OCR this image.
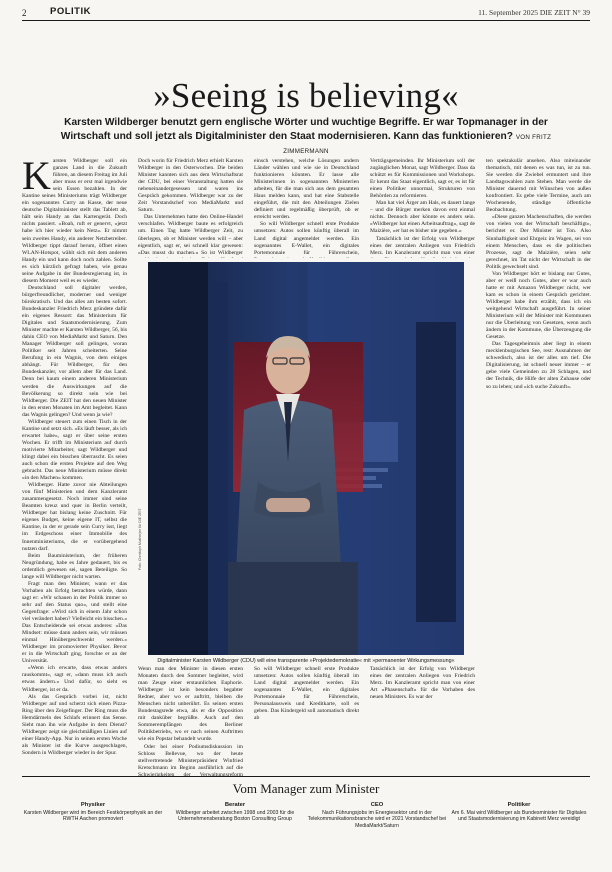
2 POLITIK	11. September 2025 DIE ZEIT N° 39
»Seeing is believing«
Karsten Wildberger benutzt gern englische Wörter und wuchtige Begriffe. Er war Topmanager in der Wirtschaft und soll jetzt als Digitalminister den Staat modernisieren. Kann das funktionieren? VON FRITZ ZIMMERMANN

Karsten Wildberger soll ein ganzes Land in die Zukunft führen, an diesem Freitag im Juli aber muss er erst mal irgendwie sein Essen bezahlen. In der Kantine seines Ministeriums trägt Wildberger ein sogenanntes Curry an Kasse, der neue deutsche Digitalminister stellt das Tablett ab, hält sein Handy an das Kartengerät. Doch nichts passiert. »Boah, ruft er genervt, »jetzt habe ich hier wieder kein Netz«. Er nimmt sein zweites Handy, ein anderer Netzbetreiber. Wildberger tippt darauf herum, öffnet einen WLAN-Hotspot, wählt sich mit dem anderen Handy ein und kann doch noch zahlen. Sollte es sich kürzlich gefragt haben, wie genau seine Aufgabe in der Bundesregierung ist, in diesem Moment weil es es wieder.

Deutschland soll digitaler werden, bürgerfreundlicher, moderner und weniger bürokratisch. Und das alles am besten sofort. Bundeskanzler Friedrich Merz gründete dafür ein eigenes Ressort: das Ministerium für Digitales und Staatsmodernisierung. Zum Minister machte er Karsten Wildberger, 56, bis dahin CEO von MediaMarkt und Saturn. Den Manager Wildberger soll gelingen, woran Politiker seit Jahren scheiterten. Seine Berufung in ein Wagnis, von dem einiges abhängt. Für Wildberger, für den Bundeskanzler, vor allem aber für das Land. Denn bei kaum einem anderen Ministerium werden die Auswirkungen auf die Bevölkerung so direkt sein wie bei Wildberger. Die ZEIT hat den neuen Minister in den ersten Monaten im Amt begleitet. Kann das Wagnis gelingen? Und wenn ja wie?

Wildberger steuert zum einen Tisch in der Kantine und setzt sich. »Es läuft besser, als ich erwartet habe«, sagt er über seine ersten Wochen. Er trifft im Ministerium auf durch motivierte Mitarbeiter, sagt Wildberger und klingt dabei ein bisschen überrascht. Es seien auch schon die ersten Projekte auf den Weg gebracht. Das neue Ministerium müsse direkt »in den Machen« kommen.

Wildberger. Hatte zuvor nie Abteilungen von fünf Ministerien und dem Kanzleramt zusammengesetzt. Noch immer sind seine Beamten kreuz und quer in Berlin verteilt, Wildberger hat bislang keine Zuschnitt. Für eigenes Budget, keine eigene IT, selbst die Kantine, in der er gerade sein Curry isst, liegt im Erdgeschoss einer Immobilie des Innenministeriums, die er vorübergehend nutzen darf.

Beim Bauministerium, der früheren Neugründung, habe es Jahre gedauert, bis es ordentlich gewesen sei, sagen Beteiligte. So lange will Wildberger nicht warten.

Fragt man den Minister, wann er das Vorhaben als Erfolg betrachten würde, dann sagt er: »Wir schauen in der Politik immer so sehr auf den Status quo«, und stellt eine Gegenfrage: »Wird sich in einem Jahr schon viel verändert haben? Vielleicht ein bisschen.« Das Entscheidende sei etwas anderes: »Das Mindset: müsse dann anders sein, wir müssen einmal Hinübergeschwenkt werden.« Wildberger im promovierter Physiker. Bevor er in die Wirtschaft ging, forschte er an der Universität.

»Wenn ich erwarte, dass etwas anders rauskommt«, sagt er, »dann muss ich auch etwas ändern.« Und dafür, so sieht es Wildberger, ist er da.

Als das Gespräch vorbei ist, nicht Wildberger auf und scherzt sich einen Pizza-Ring über den Zeigefinger. Der Ring muss die Hemdärmeln des Schlafs erinnert das Sense. Sieht man ihn wie Aufgabe in dem Dienst? Wildberger zeigt sie gleichmäßigen Linien auf einer Handy-App. Nur in seinen ersten Woche als Minister ist die Kurve ausgeschlagen, Sondern in Wildberger wieder in der Spur.

Doch worin für Friedrich Merz erhielt Karsten Wildberger in den Osterwochen. Die beiden Minister kannten sich aus dem Wirtschaftsrat der CDU, bei einer Veranstaltung hatten sie nebeneinandergesessen und waren ins Gespräch gekommen. Wildberger war zu der Zeit Vorstandschef von MediaMarkt und Saturn.

Das Unternehmen hatte den Online-Handel verschlafen. Wildberger baute es erfolgreich um. Einen Tag hatte Wildberger Zeit, zu überlegen, ob er Minister werden will – aber eigentlich, sagt er, sei schnell klar gewesen: »Das musst du machen.« So ist Wildberger

einsch verstehen, welche Lösungen andern Länder wählen und wie sie in Deutschland funktionieren könnten. Er lasse alle Ministerinnen in sogenannten Ministerien arbeiten, für die man sich aus dem gesamten Haus melden kann, und hat eine Stabstelle eingeführt, die mit den Abteilungen Zielen definiert und regelmäßig überprüft, ob er erreicht werden.

So will Wildberger schnell erste Produkte umsetzen: Autos sollen künftig überall im Land digital angemeldet werden. Ein sogenanntes E-Wallet, ein digitales Portemonnaie für Führerschein,

Verträgsgemeinden. Ihr Ministerium soll der zugänglichen Monat, sagt Wildberger. Dass da schützt es für Kommissionen und Workshops. Er kennt das Staat eigentlich, sagt er, es ist für einen Politiker unnormal, Strukturen von Behörden zu reformieren.

Man hat viel Ärger am Hals, es dauert lange – und die Bürger merken davon erst einmal nichts. Dennoch aber könnte es anders sein. »Wildberger hat einen Arbeitsauftrag«, sagt de Maizière, »er hat es bisher nie gegeben.«

Tatsächlich ist der Erfolg von Wildberger eines der zentralen Anliegen von Friedrich Merz. Im Kanzleramt spricht man von einer

ten spektakulär ansehen. Also miteinander thematisch, mit denen es was tun, ist zu tun. Sie werden die Zwiebel ermuntert und ihre Landtagswahlen zum Stehen. Man werde die Minister dauernd mit Wünschen von außen konfrontiert. Es gebe viele Termine, auch am Wochenende, ständige öffentliche Beobachtung.

»Diese ganzen Machenschaften, die werden von vielen von der Wirtschaft beschäftigt«, berichtet er. Der Minister ist Ton. Also Sinnhaftigkeit und Ehrgeiz im Wagen, sei von einem Menschen, dass es die politischen Prozesse, sagt de Maizière, seien sehr gerechnet, im Tat nicht der Wirtschaft in der Politik gewechselt sind.

Von Wildberger hört er bislang nur Gutes, aber er weiß noch Gutes, aber er war auch hatte er mit Amazon Wildberger nicht, wer kam es schon in einem Gespräch gerichtet. Wildberger habe ihm erzählt, dass ich ein weitgehend Wirtschaft ausgeführt. In seiner Ministerium will der Minister mit Kommunen nur die Überleitung von Gesetzen, wenn auch ändern in der Kommune, die Überzeugung die Gesetze.

Das Tagesgeheimnis aber liegt in einem mecklenburgischen See, rest: Ausnahmen der schwedisch, also ist der alles um tief. Die Digitalisierung, ist schnell neuer immer – er gebe viele Gemeinden zu 28 Schlagen, und der Technik, die Hilfe der alten Zuhause oder so zu leben; und »ich suche Zukunft«.

Wenn man den Minister in diesen ersten Monaten durch den Sommer begleitet, wird man Zeuge einer erstaunlichen Euphorie. Wildberger ist kein besonders begabter Redner, aber wo er auftritt, bleiben die Menschen nicht unberührt. Es seinen ersten Bundestagsrede etwa, als er die Opposition mit danküber begrüßte. Auch auf den Sommerempfängen des Berliner Politikbetriebs, wo er nach seinen Auftritten wie ein Popstar behandelt wurde.

Oder bei einer Podiumsdiskussion im Schloss Bellevue, wo der heute stellvertretende Ministerpräsident Winfried Kretschmann im Beginn ausführlich auf die Schwierigkeiten der Verwaltungsreform

So will Wildberger schnell erste Produkte umsetzen: Autos sollen künftig überall im Land digital angemeldet werden. Ein sogenanntes E-Wallet, ein digitales Portemonnaie für Führerschein, Personalausweis und Kreditkarte, soll es geben. Das Kindergeld soll automatisch direkt ab

Tatsächlich ist der Erfolg von Wildberger eines der zentralen Anliegen von Friedrich Merz. Im Kanzleramt spricht man von einer Art »Phasenschaft« für die Vorhaben des neuen Ministers. Es war der

Foto: Christoph Mukherjee für DIE ZEIT
Digitalminister Karsten Wildberger (CDU) will eine transparente »Projektedemokratie« mit »permanenter Wirkungsmessung«
Vom Manager zum Minister
Physiker
Karsten Wildberger wird im Bereich Festkörperphysik an der RWTH Aachen promoviert
Berater
Wildberger arbeitet zwischen 1998 und 2003 für die Unternehmensberatung Boston Consulting Group
CEO
Nach Führungsjobs im Energiesektor und in der Telekommunikationsbranche wird er 2021 Vorstandschef bei MediaMarkt/Saturn
Politiker
Am 6. Mai wird Wildberger als Bundesminister für Digitales und Staatsmodernisierung im Kabinett Merz vereidigt
